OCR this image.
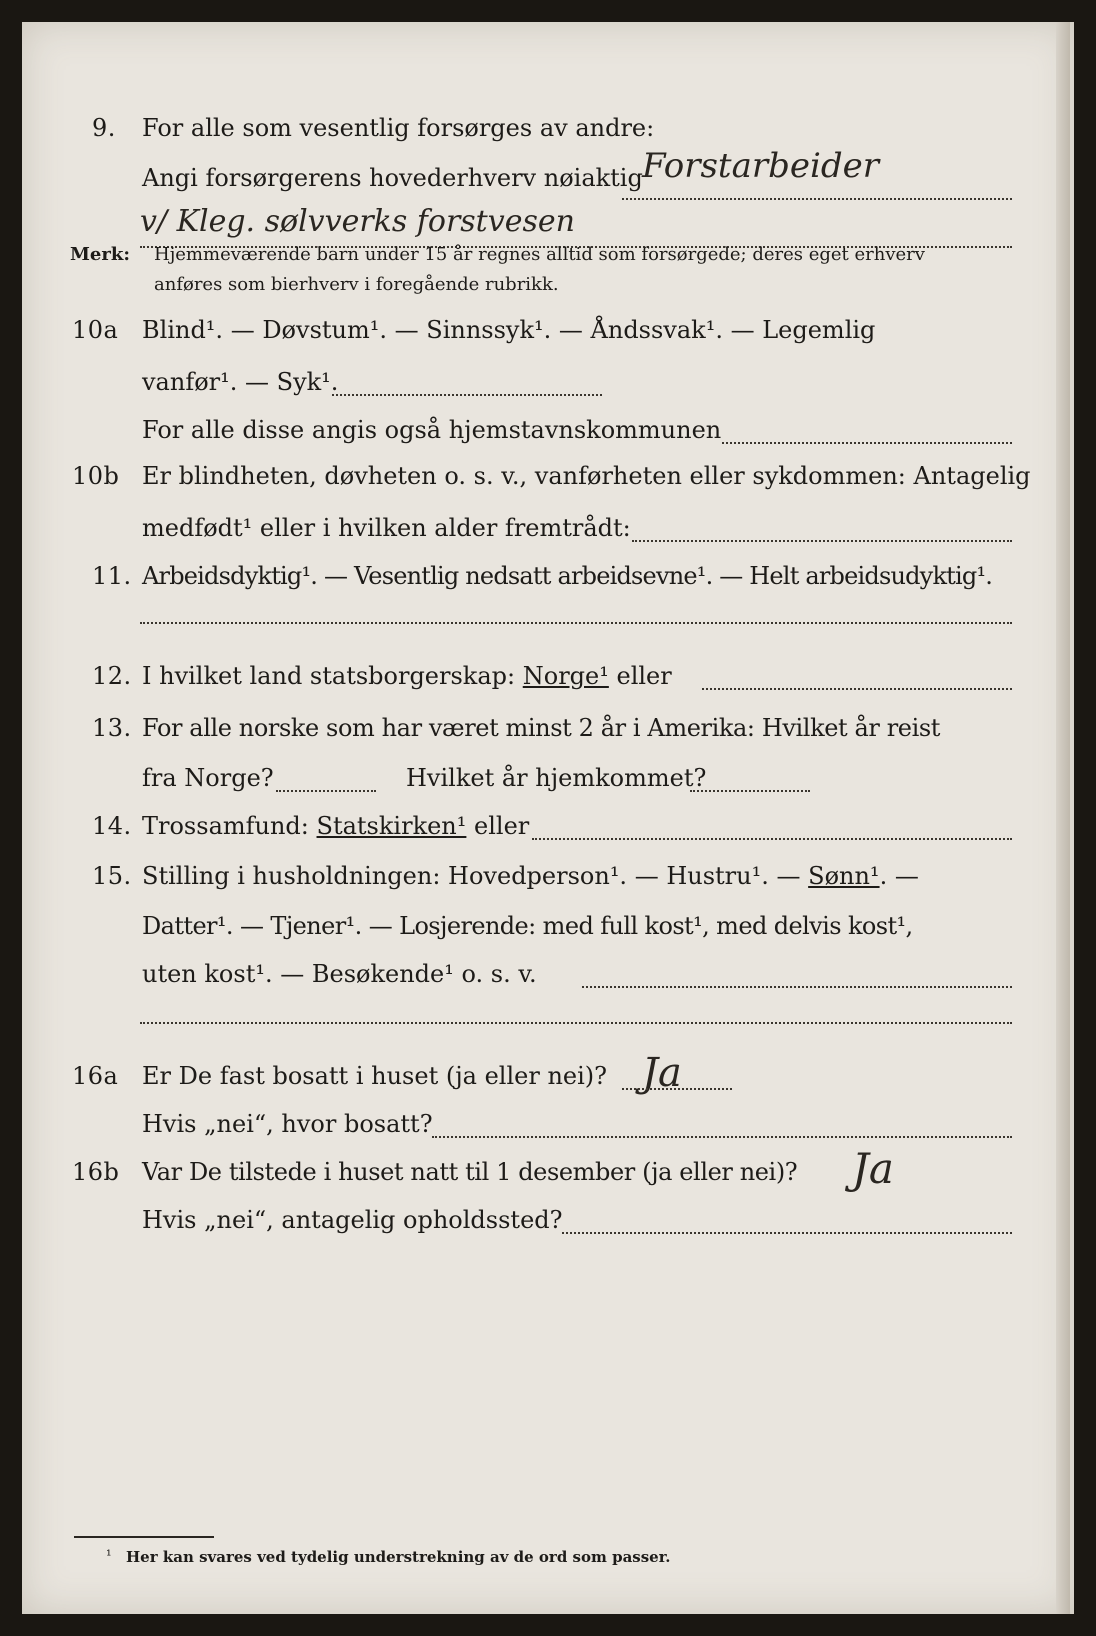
9. For alle som vesentlig forsørges av andre:
Angi forsørgerens hovederhverv nøiaktig Forstarbeider
v/ Kleg. sølvverks forstvesen
Merk: Hjemmeværende barn under 15 år regnes alltid som forsørgede; deres eget erhverv
anføres som bierhverv i foregående rubrikk.
10a Blind¹. — Døvstum¹. — Sinnssyk¹. — Åndssvak¹. — Legemlig
vanfør¹. — Syk¹.
For alle disse angis også hjemstavnskommunen
10b Er blindheten, døvheten o. s. v., vanførheten eller sykdommen: Antagelig
medfødt¹ eller i hvilken alder fremtrådt:
11. Arbeidsdyktig¹. — Vesentlig nedsatt arbeidsevne¹. — Helt arbeidsudyktig¹.
12. I hvilket land statsborgerskap: Norge¹ eller
13. For alle norske som har været minst 2 år i Amerika: Hvilket år reist
fra Norge?	Hvilket år hjemkommet?
14. Trossamfund: Statskirken¹ eller
15. Stilling i husholdningen: Hovedperson¹. — Hustru¹. — Sønn¹. —
Datter¹. — Tjener¹. — Losjerende: med full kost¹, med delvis kost¹,
uten kost¹. — Besøkende¹ o. s. v.
16a Er De fast bosatt i huset (ja eller nei)? Ja
Hvis „nei“, hvor bosatt?
16b Var De tilstede i huset natt til 1 desember (ja eller nei)? Ja
Hvis „nei“, antagelig opholdssted?
¹ Her kan svares ved tydelig understrekning av de ord som passer.
